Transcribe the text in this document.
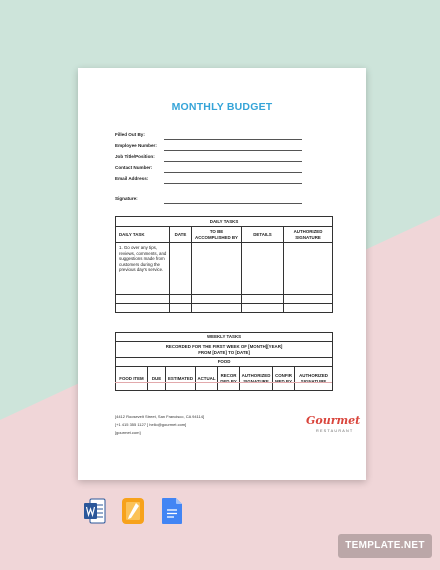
MONTHLY BUDGET
Filled Out By:
Employee Number:
Job Title/Position:
Contact Number:
Email Address:
Signature:
DAILY TASKS				
DAILY TASK	DATE	TO BE ACCOMPLISHED BY	DETAILS	AUTHORIZED SIGNATURE
1. Go over any tips, reviews, comments, and suggestions made from customers during the previous day's service.				

WEEKLY TASKS

RECORDED FOR THE FIRST WEEK OF [MONTH][YEAR]
FROM [DATE] TO [DATE]

FOOD
FOOD ITEM	DUE	ESTIMATED	ACTUAL	RECOR DED BY	AUTHORIZED SIGNATURE	CONFIR MED BY	AUTHORIZED SIGNATURE
[4412 Roosevelt Street, San Francisco, CA 94114]
[+1 415 355 1127 ] hello@gourmet.com]
[gourmet.com]
Gourmet
RESTAURANT
TEMPLATE.NET
